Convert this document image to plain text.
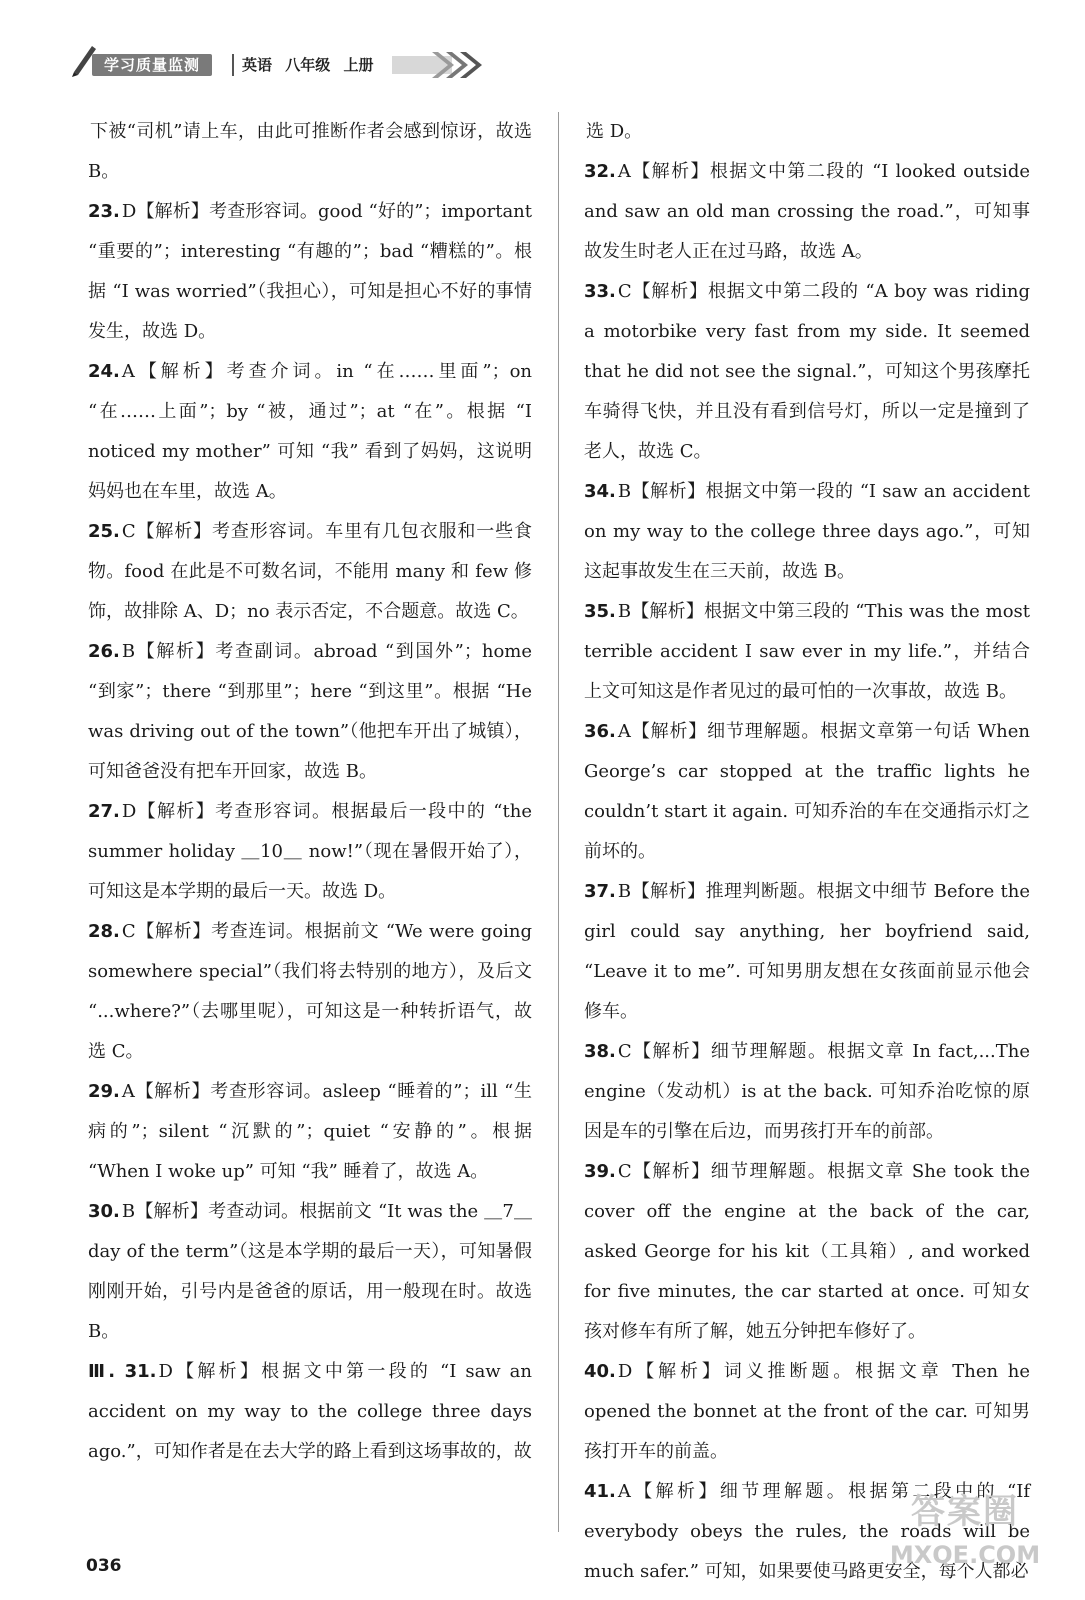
学习质量监测	英语 八年级 上册

下被“司机”请上车，由此可推断作者会感到惊讶，故选 B。

23. D【解析】考查形容词。good “好的”；important “重要的”；interesting “有趣的”；bad “糟糕的”。根据 “I was worried”（我担心），可知是担心不好的事情发生，故选 D。

24. A【解析】考查介词。in “在……里面”；on “在……上面”；by “被，通过”；at “在”。根据 “I noticed my mother” 可知 “我” 看到了妈妈，这说明妈妈也在车里，故选 A。

25. C【解析】考查形容词。车里有几包衣服和一些食物。food 在此是不可数名词，不能用 many 和 few 修饰，故排除 A、D；no 表示否定，不合题意。故选 C。

26. B【解析】考查副词。abroad “到国外”；home “到家”；there “到那里”；here “到这里”。根据 “He was driving out of the town”（他把车开出了城镇），可知爸爸没有把车开回家，故选 B。

27. D【解析】考查形容词。根据最后一段中的 “the summer holiday ＿10＿ now!”（现在暑假开始了），可知这是本学期的最后一天。故选 D。

28. C【解析】考查连词。根据前文 “We were going somewhere special”（我们将去特别的地方），及后文 “...where?”（去哪里呢），可知这是一种转折语气，故选 C。

29. A【解析】考查形容词。asleep “睡着的”；ill “生病的”；silent “沉默的”；quiet “安静的”。根据 “When I woke up” 可知 “我” 睡着了，故选 A。

30. B【解析】考查动词。根据前文 “It was the ＿7＿ day of the term”（这是本学期的最后一天），可知暑假刚刚开始，引号内是爸爸的原话，用一般现在时。故选 B。

Ⅲ. 31. D【解析】根据文中第一段的 “I saw an accident on my way to the college three days ago.”，可知作者是在去大学的路上看到这场事故的，故

选 D。

32. A【解析】根据文中第二段的 “I looked outside and saw an old man crossing the road.”，可知事故发生时老人正在过马路，故选 A。

33. C【解析】根据文中第二段的 “A boy was riding a motorbike very fast from my side. It seemed that he did not see the signal.”，可知这个男孩摩托车骑得飞快，并且没有看到信号灯，所以一定是撞到了老人，故选 C。

34. B【解析】根据文中第一段的 “I saw an accident on my way to the college three days ago.”，可知这起事故发生在三天前，故选 B。

35. B【解析】根据文中第三段的 “This was the most terrible accident I saw ever in my life.”，并结合上文可知这是作者见过的最可怕的一次事故，故选 B。

36. A【解析】细节理解题。根据文章第一句话 When George’s car stopped at the traffic lights he couldn’t start it again. 可知乔治的车在交通指示灯之前坏的。

37. B【解析】推理判断题。根据文中细节 Before the girl could say anything, her boyfriend said, “Leave it to me”. 可知男朋友想在女孩面前显示他会修车。

38. C【解析】细节理解题。根据文章 In fact,...The engine（发动机）is at the back. 可知乔治吃惊的原因是车的引擎在后边，而男孩打开车的前部。

39. C【解析】细节理解题。根据文章 She took the cover off the engine at the back of the car, asked George for his kit（工具箱）, and worked for five minutes, the car started at once. 可知女孩对修车有所了解，她五分钟把车修好了。

40. D【解析】词义推断题。根据文章 Then he opened the bonnet at the front of the car. 可知男孩打开车的前盖。

41. A【解析】细节理解题。根据第二段中的 “If everybody obeys the rules, the roads will be much safer.” 可知，如果要使马路更安全，每个人都必

036
答案圈
MXQE.COM
